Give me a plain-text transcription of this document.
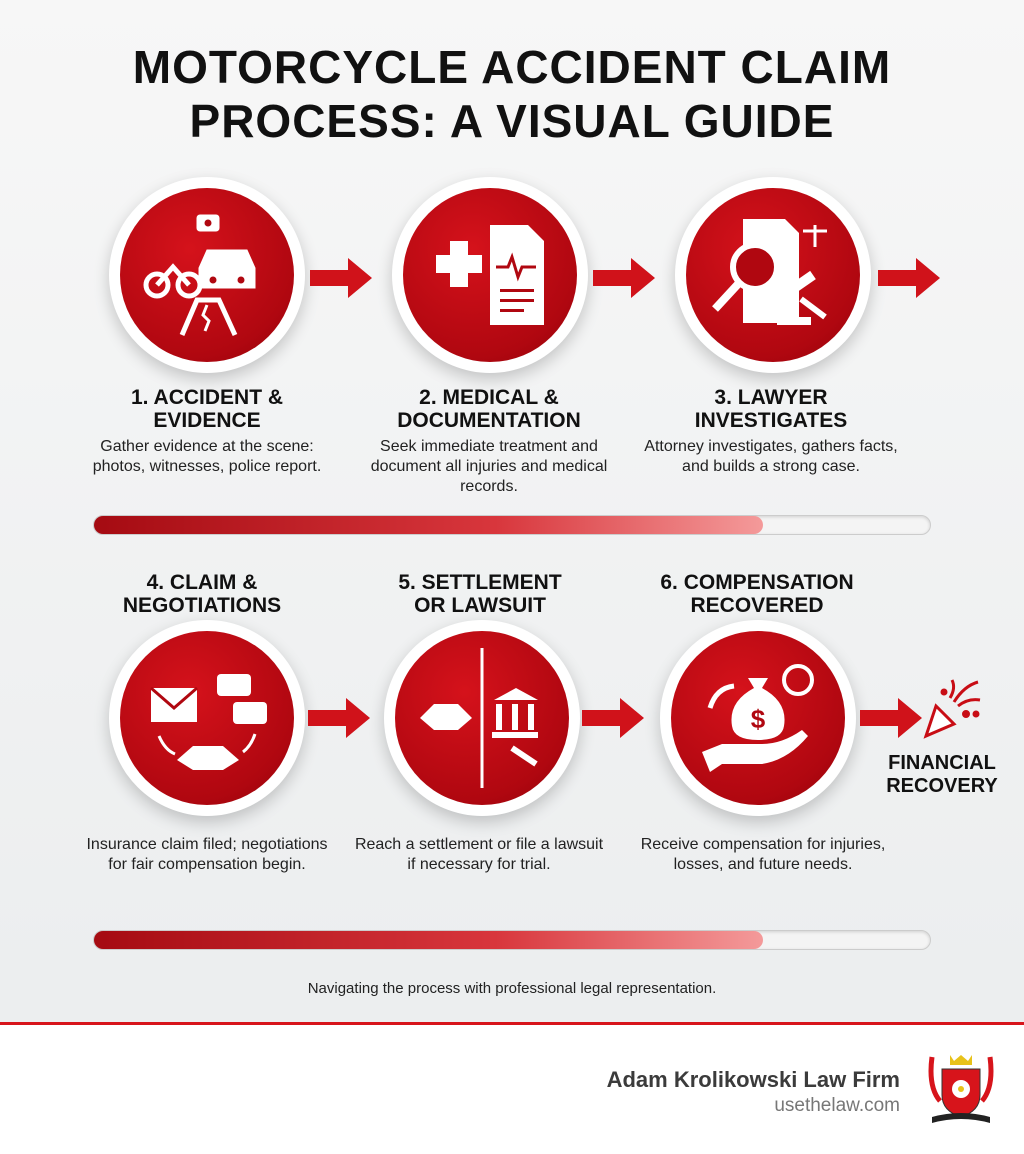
MOTORCYCLE ACCIDENT CLAIM
PROCESS: A VISUAL GUIDE
1. ACCIDENT &
EVIDENCE
Gather evidence at the scene: photos, witnesses, police report.
2. MEDICAL &
DOCUMENTATION
Seek immediate treatment and document all injuries and medical records.
3. LAWYER
INVESTIGATES
Attorney investigates, gathers facts, and builds a strong case.
4. CLAIM &
NEGOTIATIONS
5. SETTLEMENT
OR LAWSUIT
6. COMPENSATION
RECOVERED
$
FINANCIAL
RECOVERY
Insurance claim filed; negotiations for fair compensation begin.
Reach a settlement or file a lawsuit if necessary for trial.
Receive compensation for injuries, losses, and future needs.
Navigating the process with professional legal representation.
Adam Krolikowski Law Firm
usethelaw.com
